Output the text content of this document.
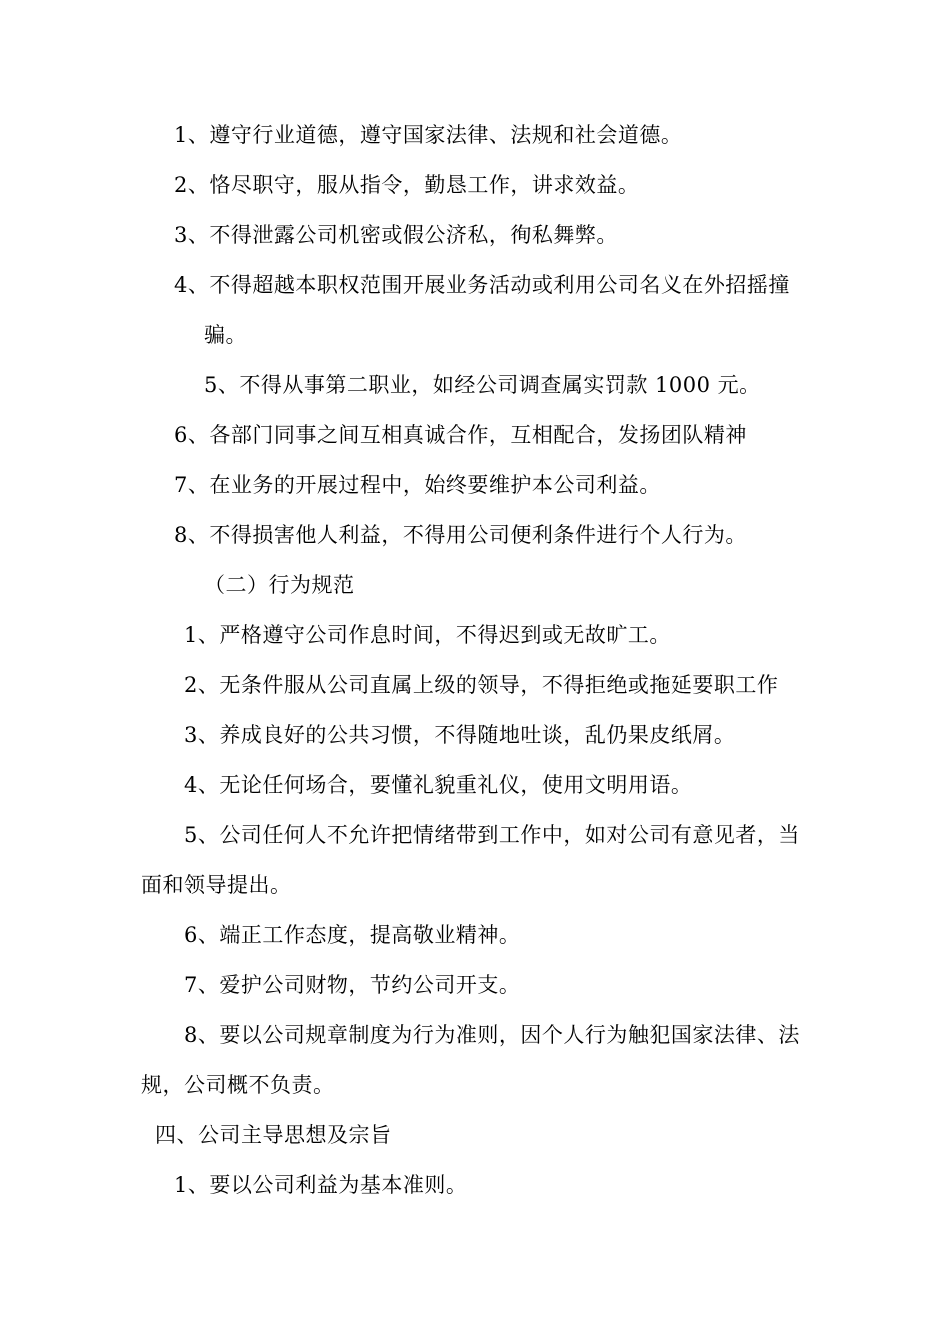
1、遵守行业道德，遵守国家法律、法规和社会道德。
2、恪尽职守，服从指令，勤恳工作，讲求效益。
3、不得泄露公司机密或假公济私，徇私舞弊。
4、不得超越本职权范围开展业务活动或利用公司名义在外招摇撞
骗。
5、不得从事第二职业，如经公司调查属实罚款 1000 元。
6、各部门同事之间互相真诚合作，互相配合，发扬团队精神
7、在业务的开展过程中，始终要维护本公司利益。
8、不得损害他人利益，不得用公司便利条件进行个人行为。
（二）行为规范
1、严格遵守公司作息时间，不得迟到或无故旷工。
2、无条件服从公司直属上级的领导，不得拒绝或拖延要职工作
3、养成良好的公共习惯，不得随地吐谈，乱仍果皮纸屑。
4、无论任何场合，要懂礼貌重礼仪，使用文明用语。
5、公司任何人不允许把情绪带到工作中，如对公司有意见者，当
面和领导提出。
6、端正工作态度，提高敬业精神。
7、爱护公司财物，节约公司开支。
8、要以公司规章制度为行为准则，因个人行为触犯国家法律、法
规，公司概不负责。
四、公司主导思想及宗旨
1、要以公司利益为基本准则。
